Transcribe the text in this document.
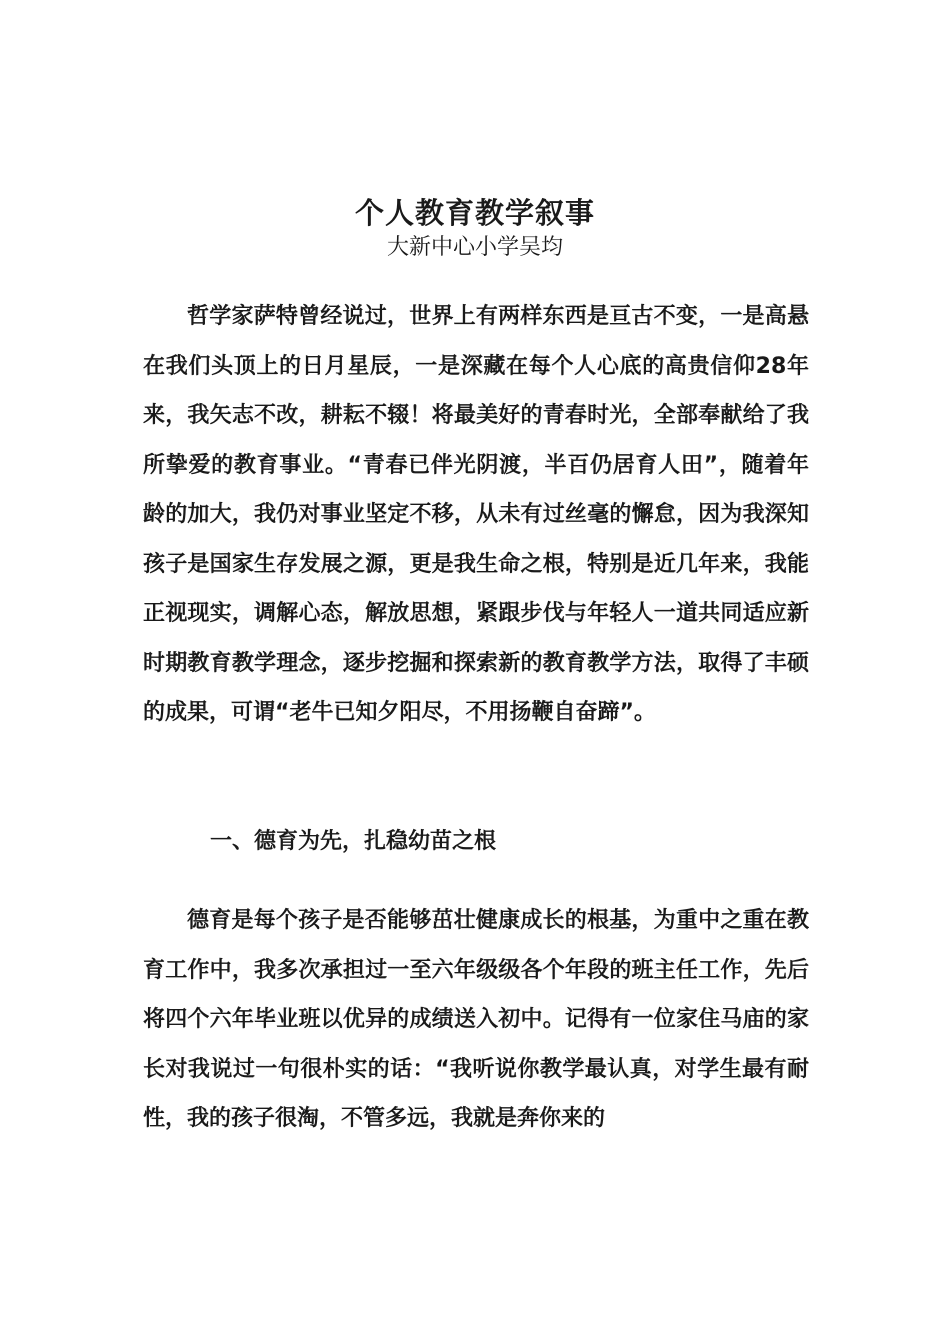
个人教育教学叙事
大新中心小学吴均

哲学家萨特曾经说过，世界上有两样东西是亘古不变，一是高悬在我们头顶上的日月星辰，一是深藏在每个人心底的高贵信仰28年来，我矢志不改，耕耘不辍！将最美好的青春时光，全部奉献给了我所挚爱的教育事业。“青春已伴光阴渡，半百仍居育人田”，随着年龄的加大，我仍对事业坚定不移，从未有过丝毫的懈怠，因为我深知孩子是国家生存发展之源，更是我生命之根，特别是近几年来，我能正视现实，调解心态，解放思想，紧跟步伐与年轻人一道共同适应新时期教育教学理念，逐步挖掘和探索新的教育教学方法，取得了丰硕的成果，可谓“老牛已知夕阳尽，不用扬鞭自奋蹄”。

一、德育为先，扎稳幼苗之根

德育是每个孩子是否能够茁壮健康成长的根基，为重中之重在教育工作中，我多次承担过一至六年级级各个年段的班主任工作，先后将四个六年毕业班以优异的成绩送入初中。记得有一位家住马庙的家长对我说过一句很朴实的话：“我听说你教学最认真，对学生最有耐性，我的孩子很淘，不管多远，我就是奔你来的
